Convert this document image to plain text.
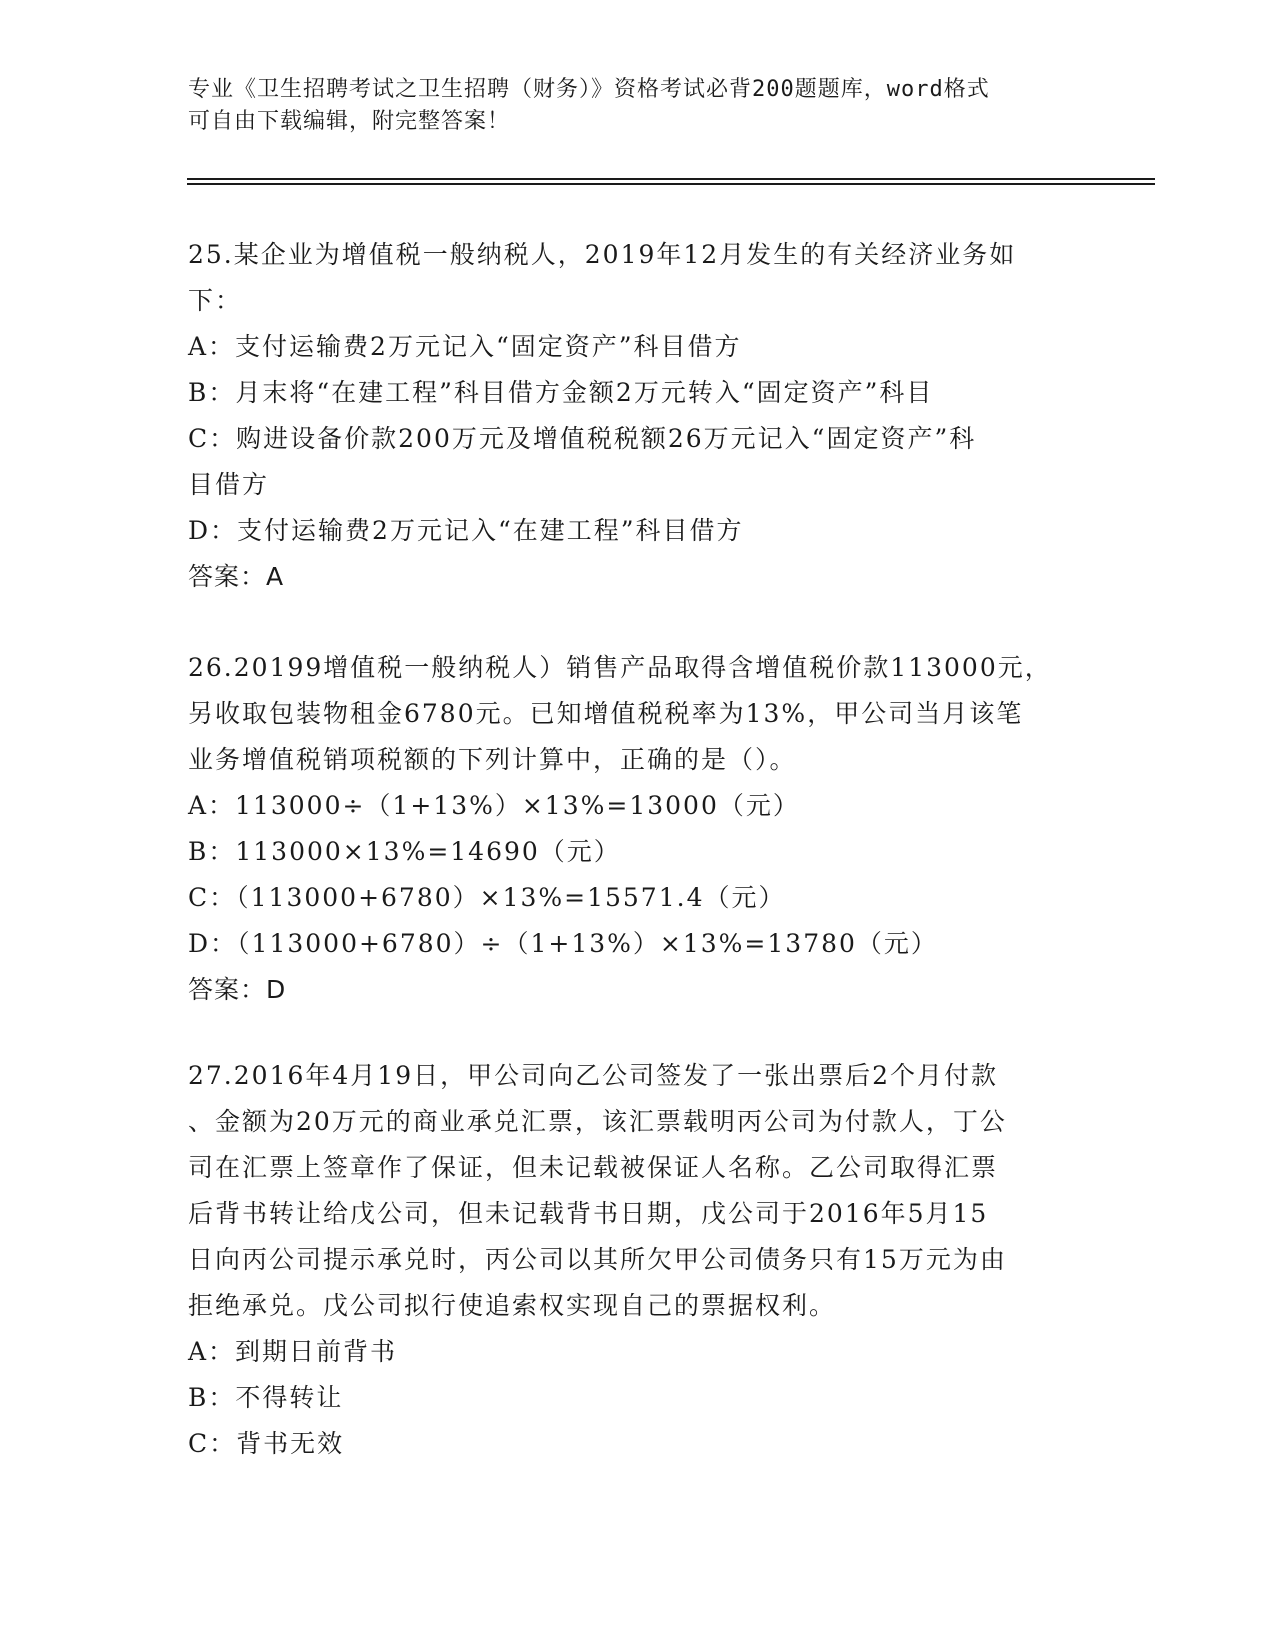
专业《卫生招聘考试之卫生招聘（财务）》资格考试必背200题题库，word格式

可自由下载编辑，附完整答案！

25.某企业为增值税一般纳税人，2019年12月发生的有关经济业务如

下：

A：支付运输费2万元记入“固定资产”科目借方

B：月末将“在建工程”科目借方金额2万元转入“固定资产”科目

C：购进设备价款200万元及增值税税额26万元记入“固定资产”科

目借方

D：支付运输费2万元记入“在建工程”科目借方

答案：A

26.20199增值税一般纳税人）销售产品取得含增值税价款113000元，

另收取包装物租金6780元。已知增值税税率为13%，甲公司当月该笔

业务增值税销项税额的下列计算中，正确的是（）。

A：113000÷（1+13%）×13%=13000（元）

B：113000×13%=14690（元）

C：（113000+6780）×13%=15571.4（元）

D：（113000+6780）÷（1+13%）×13%=13780（元）

答案：D

27.2016年4月19日，甲公司向乙公司签发了一张出票后2个月付款

、金额为20万元的商业承兑汇票，该汇票载明丙公司为付款人，丁公

司在汇票上签章作了保证，但未记载被保证人名称。乙公司取得汇票

后背书转让给戊公司，但未记载背书日期，戊公司于2016年5月15

日向丙公司提示承兑时，丙公司以其所欠甲公司债务只有15万元为由

拒绝承兑。戊公司拟行使追索权实现自己的票据权利。

A：到期日前背书

B：不得转让

C：背书无效
